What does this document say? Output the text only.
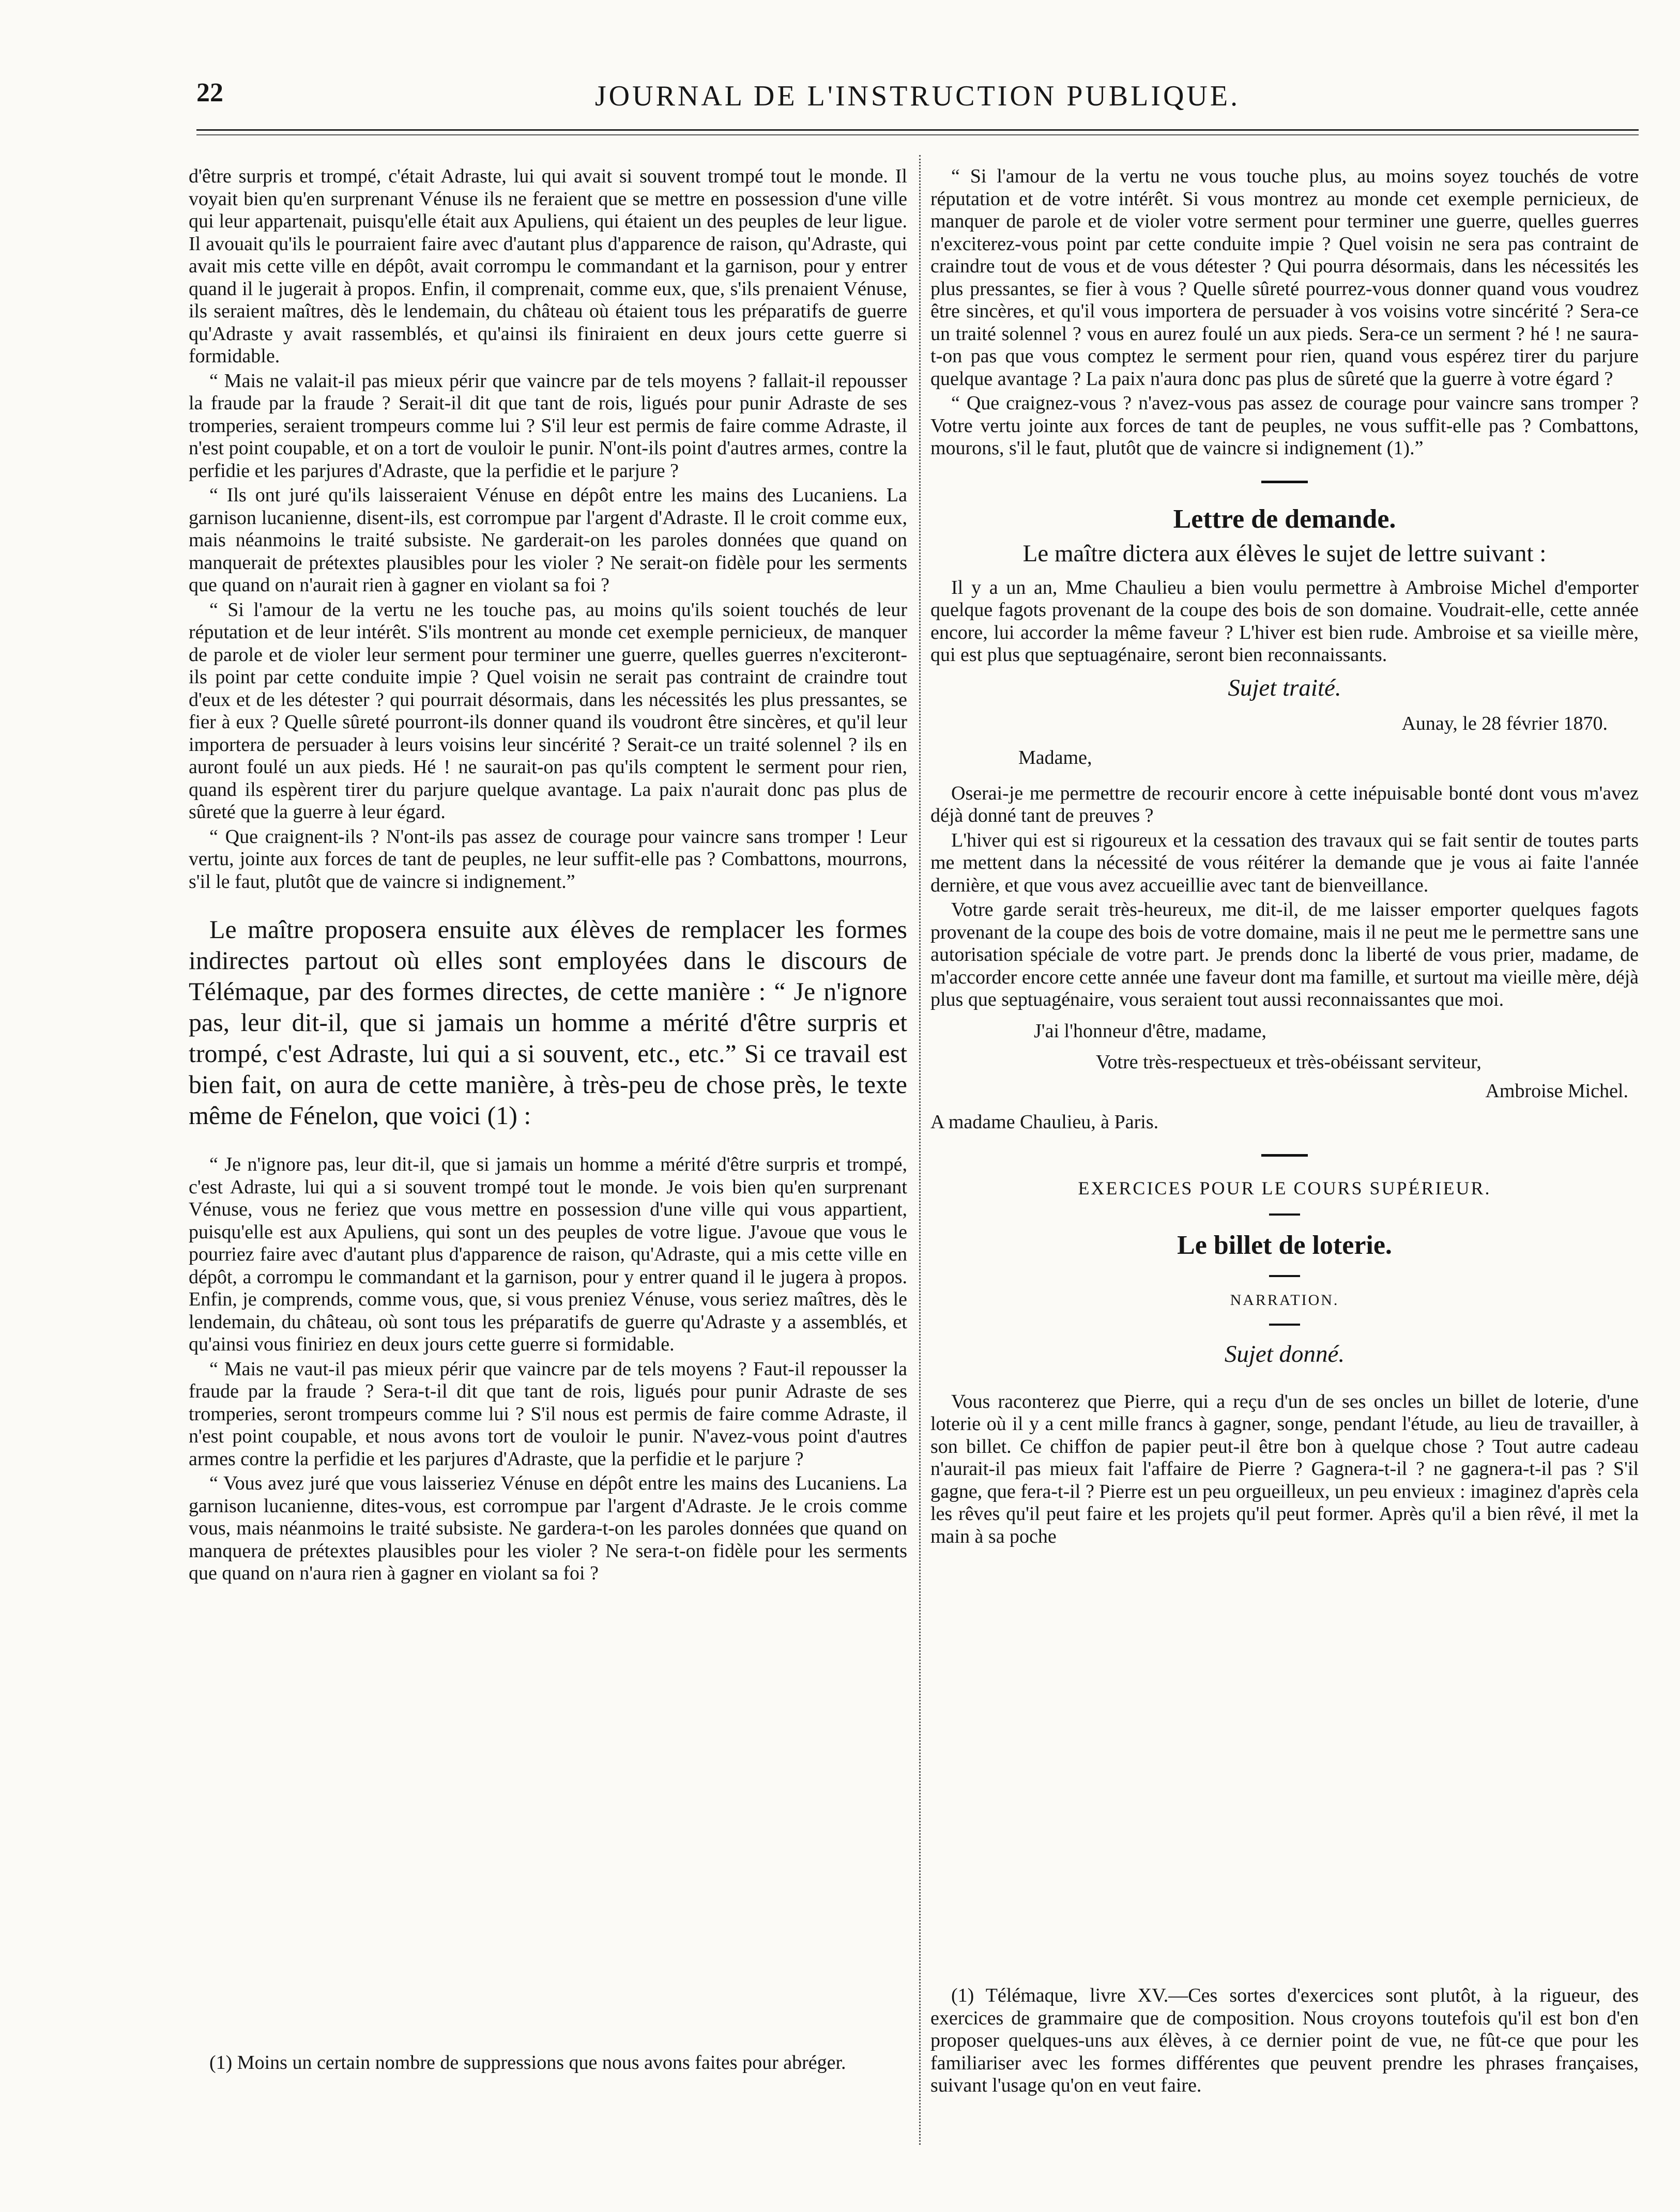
22	JOURNAL DE L'INSTRUCTION PUBLIQUE.

d'être surpris et trompé, c'était Adraste, lui qui avait si souvent trompé tout le monde. Il voyait bien qu'en surprenant Vénuse ils ne feraient que se mettre en possession d'une ville qui leur appartenait, puisqu'elle était aux Apuliens, qui étaient un des peuples de leur ligue. Il avouait qu'ils le pourraient faire avec d'autant plus d'apparence de raison, qu'Adraste, qui avait mis cette ville en dépôt, avait corrompu le commandant et la garnison, pour y entrer quand il le jugerait à propos. Enfin, il comprenait, comme eux, que, s'ils prenaient Vénuse, ils seraient maîtres, dès le lendemain, du château où étaient tous les préparatifs de guerre qu'Adraste y avait rassemblés, et qu'ainsi ils finiraient en deux jours cette guerre si formidable.

“ Mais ne valait-il pas mieux périr que vaincre par de tels moyens ? fallait-il repousser la fraude par la fraude ? Serait-il dit que tant de rois, ligués pour punir Adraste de ses tromperies, seraient trompeurs comme lui ? S'il leur est permis de faire comme Adraste, il n'est point coupable, et on a tort de vouloir le punir. N'ont-ils point d'autres armes, contre la perfidie et les parjures d'Adraste, que la perfidie et le parjure ?

“ Ils ont juré qu'ils laisseraient Vénuse en dépôt entre les mains des Lucaniens. La garnison lucanienne, disent-ils, est corrompue par l'argent d'Adraste. Il le croit comme eux, mais néanmoins le traité subsiste. Ne garderait-on les paroles données que quand on manquerait de prétextes plausibles pour les violer ? Ne serait-on fidèle pour les serments que quand on n'aurait rien à gagner en violant sa foi ?

“ Si l'amour de la vertu ne les touche pas, au moins qu'ils soient touchés de leur réputation et de leur intérêt. S'ils montrent au monde cet exemple pernicieux, de manquer de parole et de violer leur serment pour terminer une guerre, quelles guerres n'exciteront-ils point par cette conduite impie ? Quel voisin ne serait pas contraint de craindre tout d'eux et de les détester ? qui pourrait désormais, dans les nécessités les plus pressantes, se fier à eux ? Quelle sûreté pourront-ils donner quand ils voudront être sincères, et qu'il leur importera de persuader à leurs voisins leur sincérité ? Serait-ce un traité solennel ? ils en auront foulé un aux pieds. Hé ! ne saurait-on pas qu'ils comptent le serment pour rien, quand ils espèrent tirer du parjure quelque avantage. La paix n'aurait donc pas plus de sûreté que la guerre à leur égard.

“ Que craignent-ils ? N'ont-ils pas assez de courage pour vaincre sans tromper ! Leur vertu, jointe aux forces de tant de peuples, ne leur suffit-elle pas ? Combattons, mourrons, s'il le faut, plutôt que de vaincre si indignement.”

Le maître proposera ensuite aux élèves de remplacer les formes indirectes partout où elles sont employées dans le discours de Télémaque, par des formes directes, de cette manière : “ Je n'ignore pas, leur dit-il, que si jamais un homme a mérité d'être surpris et trompé, c'est Adraste, lui qui a si souvent, etc., etc.” Si ce travail est bien fait, on aura de cette manière, à très-peu de chose près, le texte même de Fénelon, que voici (1) :

“ Je n'ignore pas, leur dit-il, que si jamais un homme a mérité d'être surpris et trompé, c'est Adraste, lui qui a si souvent trompé tout le monde. Je vois bien qu'en surprenant Vénuse, vous ne feriez que vous mettre en possession d'une ville qui vous appartient, puisqu'elle est aux Apuliens, qui sont un des peuples de votre ligue. J'avoue que vous le pourriez faire avec d'autant plus d'apparence de raison, qu'Adraste, qui a mis cette ville en dépôt, a corrompu le commandant et la garnison, pour y entrer quand il le jugera à propos. Enfin, je comprends, comme vous, que, si vous preniez Vénuse, vous seriez maîtres, dès le lendemain, du château, où sont tous les préparatifs de guerre qu'Adraste y a assemblés, et qu'ainsi vous finiriez en deux jours cette guerre si formidable.

“ Mais ne vaut-il pas mieux périr que vaincre par de tels moyens ? Faut-il repousser la fraude par la fraude ? Sera-t-il dit que tant de rois, ligués pour punir Adraste de ses tromperies, seront trompeurs comme lui ? S'il nous est permis de faire comme Adraste, il n'est point coupable, et nous avons tort de vouloir le punir. N'avez-vous point d'autres armes contre la perfidie et les parjures d'Adraste, que la perfidie et le parjure ?

“ Vous avez juré que vous laisseriez Vénuse en dépôt entre les mains des Lucaniens. La garnison lucanienne, dites-vous, est corrompue par l'argent d'Adraste. Je le crois comme vous, mais néanmoins le traité subsiste. Ne gardera-t-on les paroles données que quand on manquera de prétextes plausibles pour les violer ? Ne sera-t-on fidèle pour les serments que quand on n'aura rien à gagner en violant sa foi ?

(1) Moins un certain nombre de suppressions que nous avons faites pour abréger.

“ Si l'amour de la vertu ne vous touche plus, au moins soyez touchés de votre réputation et de votre intérêt. Si vous montrez au monde cet exemple pernicieux, de manquer de parole et de violer votre serment pour terminer une guerre, quelles guerres n'exciterez-vous point par cette conduite impie ? Quel voisin ne sera pas contraint de craindre tout de vous et de vous détester ? Qui pourra désormais, dans les nécessités les plus pressantes, se fier à vous ? Quelle sûreté pourrez-vous donner quand vous voudrez être sincères, et qu'il vous importera de persuader à vos voisins votre sincérité ? Sera-ce un traité solennel ? vous en aurez foulé un aux pieds. Sera-ce un serment ? hé ! ne saura-t-on pas que vous comptez le serment pour rien, quand vous espérez tirer du parjure quelque avantage ? La paix n'aura donc pas plus de sûreté que la guerre à votre égard ?

“ Que craignez-vous ? n'avez-vous pas assez de courage pour vaincre sans tromper ? Votre vertu jointe aux forces de tant de peuples, ne vous suffit-elle pas ? Combattons, mourons, s'il le faut, plutôt que de vaincre si indignement (1).”

Lettre de demande.
Le maître dictera aux élèves le sujet de lettre suivant :

Il y a un an, Mme Chaulieu a bien voulu permettre à Ambroise Michel d'emporter quelque fagots provenant de la coupe des bois de son domaine. Voudrait-elle, cette année encore, lui accorder la même faveur ? L'hiver est bien rude. Ambroise et sa vieille mère, qui est plus que septuagénaire, seront bien reconnaissants.

Sujet traité.
Aunay, le 28 février 1870.
Madame,

Oserai-je me permettre de recourir encore à cette inépuisable bonté dont vous m'avez déjà donné tant de preuves ?

L'hiver qui est si rigoureux et la cessation des travaux qui se fait sentir de toutes parts me mettent dans la nécessité de vous réitérer la demande que je vous ai faite l'année dernière, et que vous avez accueillie avec tant de bienveillance.

Votre garde serait très-heureux, me dit-il, de me laisser emporter quelques fagots provenant de la coupe des bois de votre domaine, mais il ne peut me le permettre sans une autorisation spéciale de votre part. Je prends donc la liberté de vous prier, madame, de m'accorder encore cette année une faveur dont ma famille, et surtout ma vieille mère, déjà plus que septuagénaire, vous seraient tout aussi reconnaissantes que moi.

J'ai l'honneur d'être, madame,
Votre très-respectueux et très-obéissant serviteur,
Ambroise Michel.
A madame Chaulieu, à Paris.
EXERCICES POUR LE COURS SUPÉRIEUR.
Le billet de loterie.
NARRATION.
Sujet donné.

Vous raconterez que Pierre, qui a reçu d'un de ses oncles un billet de loterie, d'une loterie où il y a cent mille francs à gagner, songe, pendant l'étude, au lieu de travailler, à son billet. Ce chiffon de papier peut-il être bon à quelque chose ? Tout autre cadeau n'aurait-il pas mieux fait l'affaire de Pierre ? Gagnera-t-il ? ne gagnera-t-il pas ? S'il gagne, que fera-t-il ? Pierre est un peu orgueilleux, un peu envieux : imaginez d'après cela les rêves qu'il peut faire et les projets qu'il peut former. Après qu'il a bien rêvé, il met la main à sa poche

(1) Télémaque, livre XV.—Ces sortes d'exercices sont plutôt, à la rigueur, des exercices de grammaire que de composition. Nous croyons toutefois qu'il est bon d'en proposer quelques-uns aux élèves, à ce dernier point de vue, ne fût-ce que pour les familiariser avec les formes différentes que peuvent prendre les phrases françaises, suivant l'usage qu'on en veut faire.
